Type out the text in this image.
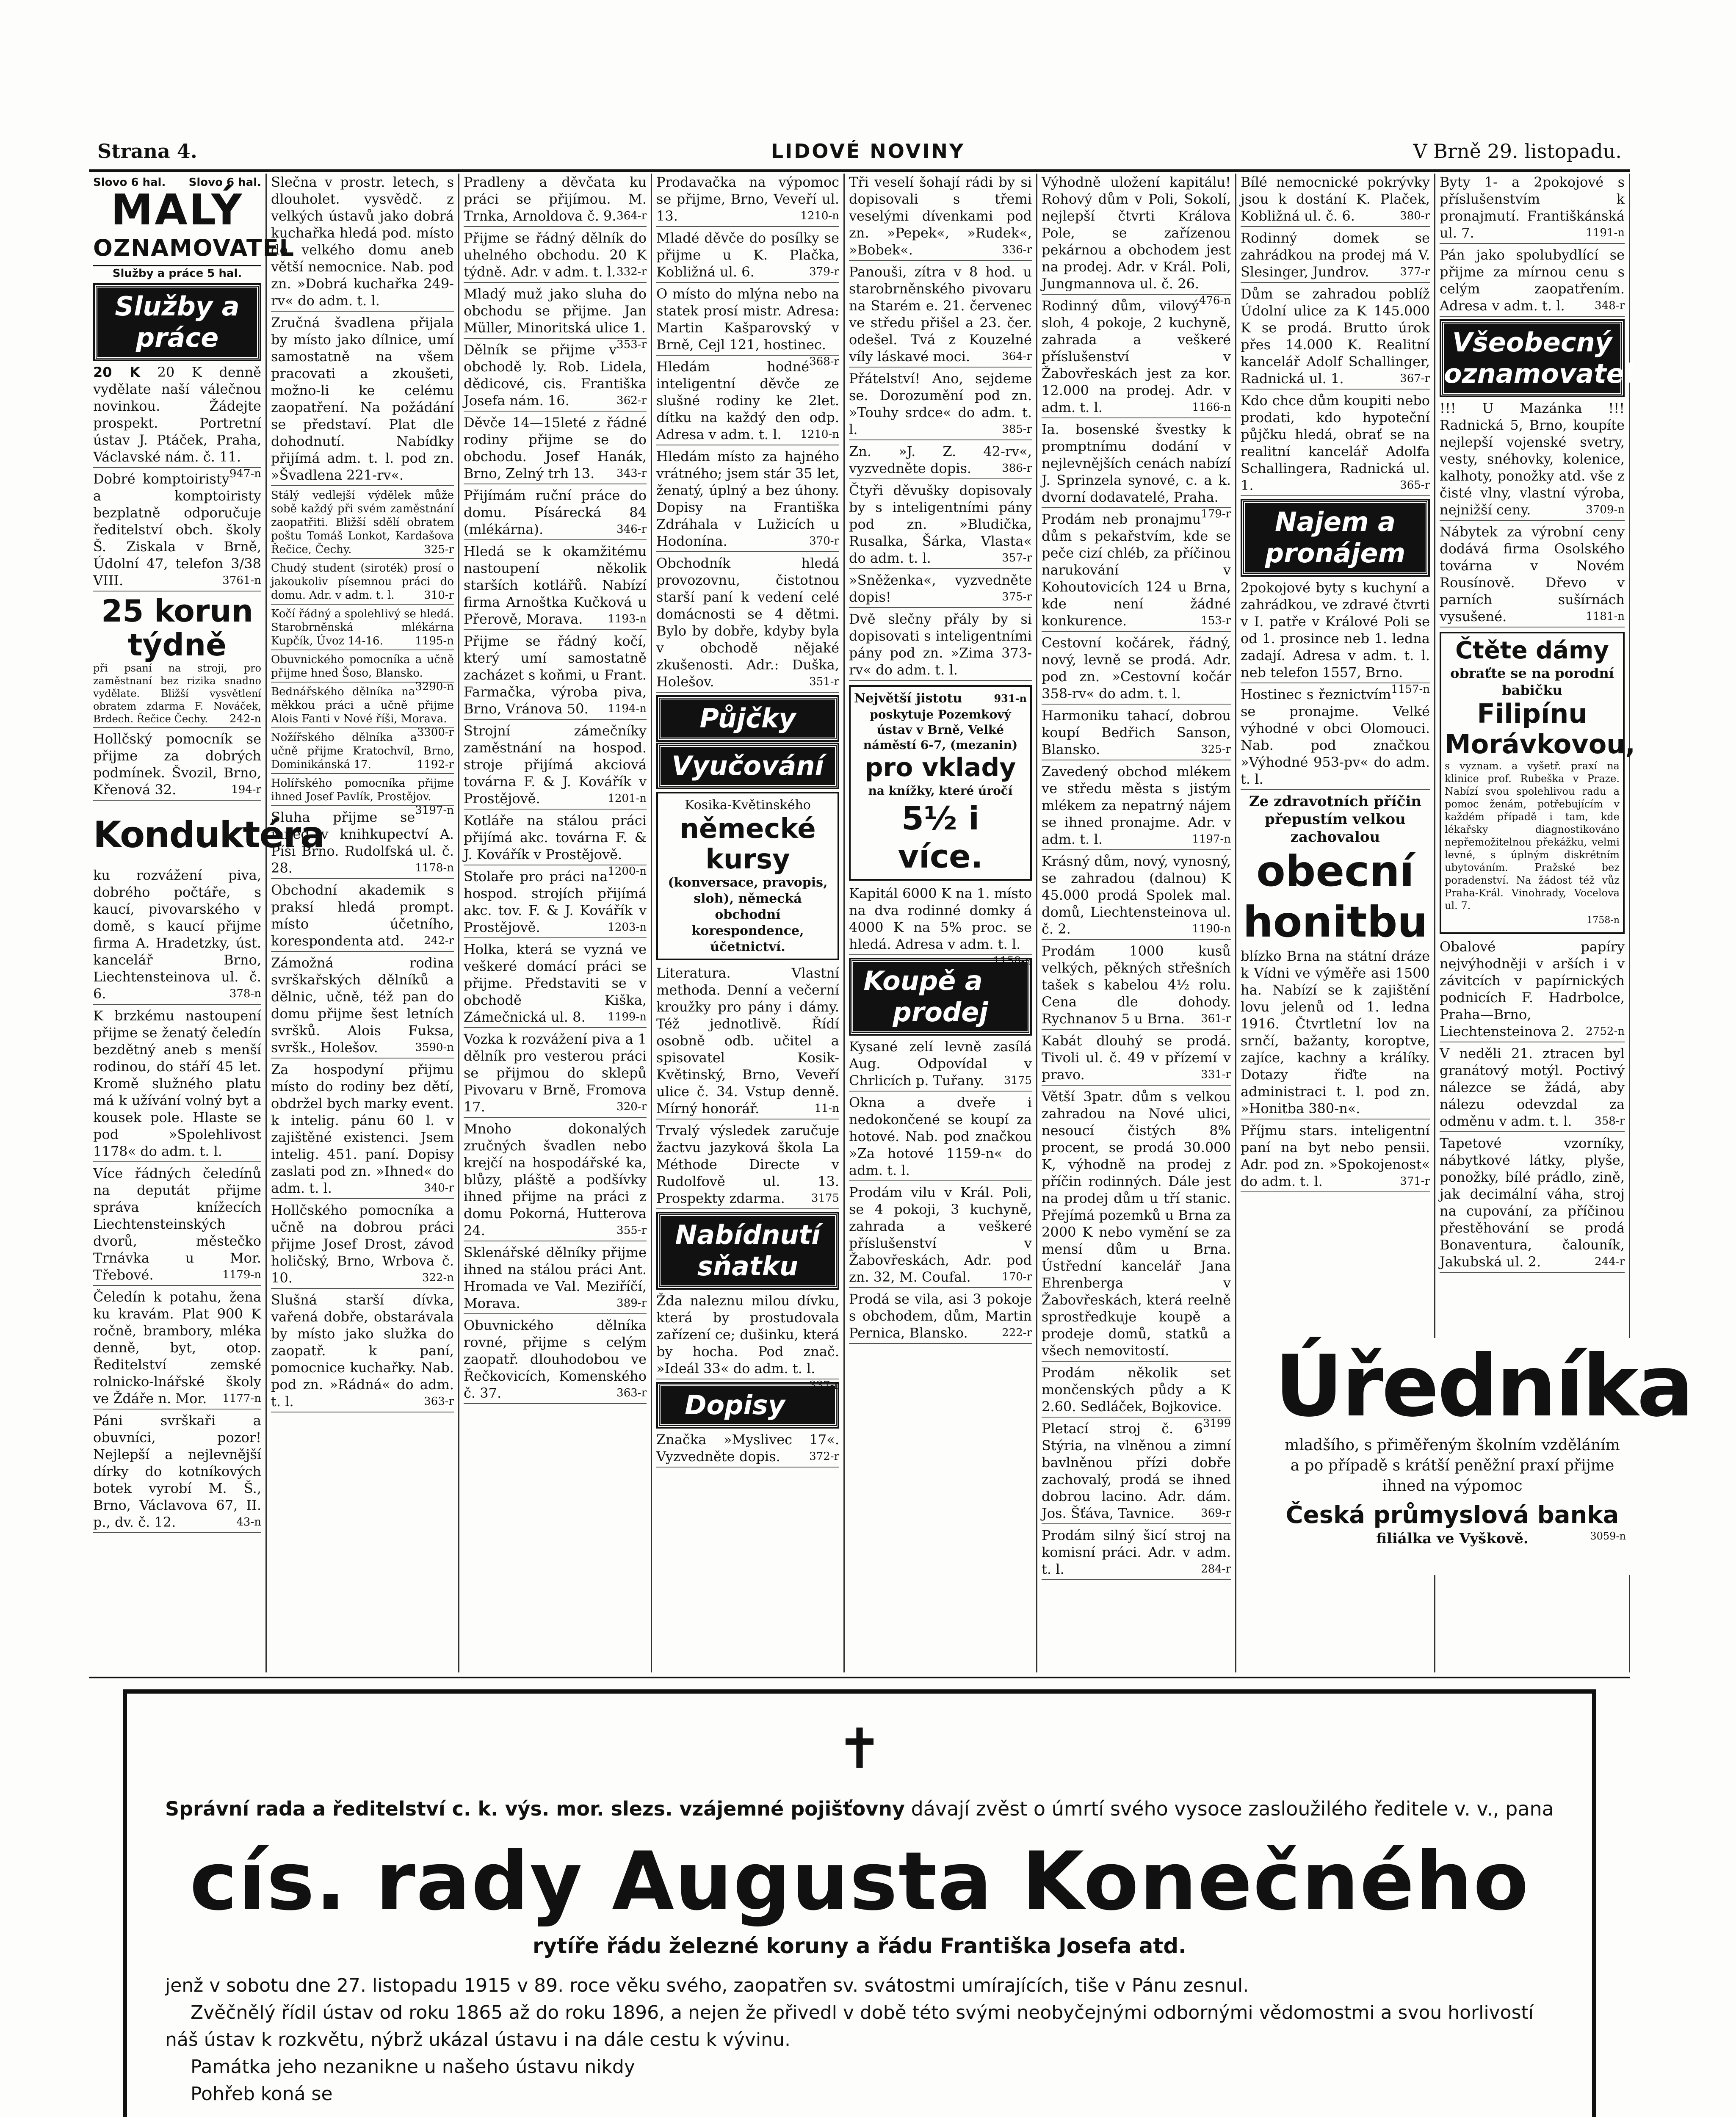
Strana 4.	LIDOVÉ NOVINY	V Brně 29. listopadu.
Slovo 6 hal. Slovo 6 hal.
MALÝ
OZNAMOVATEL
Služby a práce 5 hal.
Služby a práce
20 K 20 K denně vydělate naší válečnou novinkou. Žádejte prospekt. Portretní ústav J. Ptáček, Praha, Václavské nám. č. 11.
947-n
Dobré komptoiristy a komptoiristy bezplatně odporučuje ředitelství obch. školy Š. Ziskala v Brně, Údolní 47, telefon 3/38 VIII.	3761-n
25 korun týdně
při psaní na stroji, pro zaměstnaní bez rizika snadno vydělate. Bližší vysvětlení obratem zdarma F. Nováček, Brdech. Řečice Čechy. 242-n
Hollčský pomocník se přijme za dobrých podmínek. Švozil, Brno, Křenová 32.	194-r
Konduktéra
ku rozvážení piva, dobrého počtáře, s kaucí, pivovarského v domě, s kaucí přijme firma A. Hradetzky, úst. kancelář Brno, Liechtensteinova ul. č. 6.	378-n
K brzkému nastoupení přijme se ženatý čeledín bezdětný aneb s menší rodinou, do stáří 45 let. Kromě služného platu má k užívání volný byt a kousek pole. Hlaste se pod »Spolehlivost 1178« do adm. t. l.
Více řádných čeledínů na deputát přijme správa knížecích Liechtensteinských dvorů, městečko Trnávka u Mor. Třebové.	1179-n
Čeledín k potahu, žena ku kravám. Plat 900 K ročně, brambory, mléka denně, byt, otop. Ředitelství zemské rolnicko-lnářské školy ve Ždáře n. Mor. 1177-n
Páni svrškaři a obuvníci, pozor! Nejlepší a nejlevnější dírky do kotníkových botek vyrobí M. Š., Brno, Václavova 67, II. p., dv. č. 12.	43-n
Slečna v prostr. letech, s dlouholet. vysvědč. z velkých ústavů jako dobrá kuchařka hledá pod. místo do velkého domu aneb větší nemocnice. Nab. pod zn. »Dobrá kuchařka 249-rv« do adm. t. l.
Zručná švadlena přijala by místo jako dílnice, umí samostatně na všem pracovati a zkoušeti, možno-li ke celému zaopatření. Na požádání se představí. Plat dle dohodnutí. Nabídky přijímá adm. t. l. pod zn. »Švadlena 221-rv«.
Stálý vedlejší výdělek může sobě každý při svém zaměstnání zaopatřiti. Bližší sdělí obratem poštu Tomáš Lonkot, Kardašova Řečice, Čechy.	325-r
Chudý student (siroték) prosí o jakoukoliv písemnou práci do domu. Adr. v adm. t. l.	310-r
Kočí řádný a spolehlivý se hledá. Starobrněnská mlékárna Kupčík, Úvoz 14-16.	1195-n
Obuvnického pomocníka a učně přijme hned Šoso, Blansko.
3290-n
Bednářského dělníka na měkkou práci a učně přijme Alois Fanti v Nové říši, Morava.
3300-r
Nožířského dělníka a učně přijme Kratochvíl, Brno, Dominikánská 17.	1192-r
Holířského pomocníka přijme ihned Josef Pavlík, Prostějov.
3197-n
Sluha přijme se ihned v knihkupectví A. Píši Brno. Rudolfská ul. č. 28.	1178-n
Obchodní akademik s praksí hledá prompt. místo účetního, korespondenta atd. 242-r
Zámožná rodina svrškařských dělníků a dělnic, učně, též pan do domu přijme šest letních svršků. Alois Fuksa, svršk., Holešov.	3590-n
Za hospodyní přijmu místo do rodiny bez dětí, obdržel bych marky event. k intelig. pánu 60 l. v zajištěné existenci. Jsem intelig. 451. paní. Dopisy zaslati pod zn. »Ihned« do adm. t. l.	340-r
Hollčského pomocníka a učně na dobrou práci přijme Josef Drost, závod holičský, Brno, Wrbova č. 10.	322-n
Slušná starší dívka, vařená dobře, obstarávala by místo jako služka do zaopatř. k paní, pomocnice kuchařky. Nab. pod zn. »Rádná« do adm. t. l.	363-r
Pradleny a děvčata ku práci se přijímou. M. Trnka, Arnoldova č. 9. 364-r
Přijme se řádný dělník do uhelného obchodu. 20 K týdně. Adr. v adm. t. l. 332-r
Mladý muž jako sluha do obchodu se přijme. Jan Müller, Minoritská ulice 1.
353-r
Dělník se přijme v obchodě ly. Rob. Lidela, dědicové, cis. Františka Josefa nám. 16.	362-r
Děvče 14—15leté z řádné rodiny přijme se do obchodu. Josef Hanák, Brno, Zelný trh 13. 343-r
Přijímám ruční práce do domu. Písárecká 84 (mlékárna).	346-r
Hledá se k okamžitému nastoupení několik starších kotlářů. Nabízí firma Arnoštka Kučková u Přerově, Morava. 1193-n
Přijme se řádný kočí, který umí samostatně zacházet s koňmi, u Frant. Farmačka, výroba piva, Brno, Vránova 50. 1194-n
Strojní zámečníky zaměstnání na hospod. stroje přijímá akciová továrna F. & J. Kovářík v Prostějově.	1201-n
Kotláře na stálou práci přijímá akc. továrna F. & J. Kovářík v Prostějově.
1200-n
Stolaře pro práci na hospod. strojích přijímá akc. tov. F. & J. Kovářík v Prostějově.	1203-n
Holka, která se vyzná ve veškeré domácí práci se přijme. Představiti se v obchodě Kiška, Zámečnická ul. 8. 1199-n
Vozka k rozvážení piva a 1 dělník pro vesterou práci se přijmou do sklepů Pivovaru v Brně, Fromova 17.	320-r
Mnoho dokonalých zručných švadlen nebo krejčí na hospodářské ka, blůzy, pláště a podšívky ihned přijme na práci z domu Pokorná, Hutterova 24.	355-r
Sklenářské dělníky přijme ihned na stálou práci Ant. Hromada ve Val. Meziříčí, Morava.	389-r
Obuvnického dělníka rovné, přijme s celým zaopatř. dlouhodobou ve Řečkovicích, Komenského č. 37.	363-r
Prodavačka na výpomoc se přijme, Brno, Veveří ul. 13.	1210-n
Mladé děvče do posílky se přijme u K. Plačka, Kobližná ul. 6.	379-r
O místo do mlýna nebo na statek prosí mistr. Adresa: Martin Kašparovský v Brně, Cejl 121, hostinec.
368-r
Hledám hodné inteligentní děvče ze slušné rodiny ke 2let. dítku na každý den odp. Adresa v adm. t. l. 1210-n
Hledám místo za hajného vrátného; jsem stár 35 let, ženatý, úplný a bez úhony. Dopisy na Františka Zdráhala v Lužicích u Hodonína.	370-r
Obchodník hledá provozovnu, čistotnou starší paní k vedení celé domácnosti se 4 dětmi. Bylo by dobře, kdyby byla v obchodě nějaké zkušenosti. Adr.: Duška, Holešov.	351-r
Půjčky
Vyučování
Kosika-Květinského
německé kursy
(konversace, pravopis, sloh), německá obchodní korespondence, účetnictví.
Literatura. Vlastní methoda. Denní a večerní kroužky pro pány i dámy. Též jednotlivě. Řídí osobně odb. učitel a spisovatel Kosik-Květinský, Brno, Veveří ulice č. 34. Vstup denně. Mírný honorář.	11-n
Trvalý výsledek zaručuje žactvu jazyková škola La Méthode Directe v Rudolfově ul. 13. Prospekty zdarma. 3175
Nabídnutí sňatku
Žda naleznu milou dívku, která by prostudovala zařízení ce; dušinku, která by hocha. Pod znač. »Ideál 33« do adm. t. l.
337-r
Dopisy
Značka »Myslivec 17«. Vyzvedněte dopis.	372-r
Tři veselí šohají rádi by si dopisovali s třemi veselými dívenkami pod zn. »Pepek«, »Rudek«, »Bobek«.	336-r
Panouši, zítra v 8 hod. u starobrněnského pivovaru na Starém e. 21. červenec ve středu přišel a 23. čer. odešel. Tvá z Kouzelné víly láskavé moci.	364-r
Přátelství! Ano, sejdeme se. Dorozumění pod zn. »Touhy srdce« do adm. t. l.	385-r
Zn. »J. Z. 42-rv«, vyzvedněte dopis.	386-r
Čtyři děvušky dopisovaly by s inteligentními pány pod zn. »Bludička, Rusalka, Šárka, Vlasta« do adm. t. l.	357-r
»Sněženka«, vyzvedněte dopis!	375-r
Dvě slečny přály by si dopisovati s inteligentními pány pod zn. »Zima 373-rv« do adm. t. l.
Největší jistotu	931-n
poskytuje Pozemkový ústav v Brně, Velké náměstí 6-7, (mezanin)
pro vklady
na knížky, které úročí
5½ i více.
Kapitál 6000 K na 1. místo na dva rodinné domky á 4000 K na 5% proc. se hledá. Adresa v adm. t. l.
1158-n
Koupě a prodej
Kysané zelí levně zasílá Aug. Odpovídal v Chrlicích p. Tuřany. 3175
Okna a dveře i nedokončené se koupí za hotové. Nab. pod značkou »Za hotové 1159-n« do adm. t. l.
Prodám vilu v Král. Poli, se 4 pokoji, 3 kuchyně, zahrada a veškeré příslušenství v Žabovřeskách, Adr. pod zn. 32, M. Coufal.	170-r
Prodá se vila, asi 3 pokoje s obchodem, dům, Martin Pernica, Blansko.	222-r
Výhodně uložení kapitálu! Rohový dům v Poli, Sokolí, nejlepší čtvrti Králova Pole, se zařízenou pekárnou a obchodem jest na prodej. Adr. v Král. Poli, Jungmannova ul. č. 26.
476-n
Rodinný dům, vilový sloh, 4 pokoje, 2 kuchyně, zahrada a veškeré příslušenství v Žabovřeskách jest za kor. 12.000 na prodej. Adr. v adm. t. l.	1166-n
Ia. bosenské švestky k promptnímu dodání v nejlevnějších cenách nabízí J. Sprinzela synové, c. a k. dvorní dodavatelé, Praha.
179-r
Prodám neb pronajmu dům s pekařstvím, kde se peče cizí chléb, za příčinou narukování v Kohoutovicích 124 u Brna, kde není žádné konkurence.	153-r
Cestovní kočárek, řádný, nový, levně se prodá. Adr. pod zn. »Cestovní kočár 358-rv« do adm. t. l.
Harmoniku tahací, dobrou koupí Bedřich Sanson, Blansko.	325-r
Zavedený obchod mlékem ve středu města s jistým mlékem za nepatrný nájem se ihned pronajme. Adr. v adm. t. l.	1197-n
Krásný dům, nový, vynosný, se zahradou (dalnou) K 45.000 prodá Spolek mal. domů, Liechtensteinova ul. č. 2.	1190-n
Prodám 1000 kusů velkých, pěkných střešních tašek s kabelou 4½ rolu. Cena dle dohody. Rychnanov 5 u Brna. 361-r
Kabát dlouhý se prodá. Tivoli ul. č. 49 v přízemí v pravo.	331-r
Větší 3patr. dům s velkou zahradou na Nové ulici, nesoucí čistých 8% procent, se prodá 30.000 K, výhodně na prodej z příčin rodinných. Dále jest na prodej dům u tří stanic. Přejímá pozemků u Brna za 2000 K nebo vymění se za mensí dům u Brna. Ústřední kancelář Jana Ehrenberga v Žabovřeskách, která reelně sprostředkuje koupě a prodeje domů, statků a všech nemovitostí.
Prodám několik set mončenských půdy a K 2.60. Sedláček, Bojkovice.
3199
Pletací stroj č. 6 Stýria, na vlněnou a zimní bavlněnou přízi dobře zachovalý, prodá se ihned dobrou lacino. Adr. dám. Jos. Šťáva, Tavnice. 369-r
Prodám silný šicí stroj na komisní práci. Adr. v adm. t. l.	284-r
Bílé nemocnické pokrývky jsou k dostání K. Plaček, Kobližná ul. č. 6.	380-r
Rodinný domek se zahrádkou na prodej má V. Slesinger, Jundrov.	377-r
Dům se zahradou poblíž Údolní ulice za K 145.000 K se prodá. Brutto úrok přes 14.000 K. Realitní kancelář Adolf Schallinger, Radnická ul. 1.	367-r
Kdo chce dům koupiti nebo prodati, kdo hypoteční půjčku hledá, obrať se na realitní kancelář Adolfa Schallingera, Radnická ul. 1.	365-r
Najem a pronájem
2pokojové byty s kuchyní a zahrádkou, ve zdravé čtvrti v I. patře v Králové Poli se od 1. prosince neb 1. ledna zadají. Adresa v adm. t. l. neb telefon 1557, Brno.
1157-n
Hostinec s řeznictvím se pronajme. Velké výhodné v obci Olomouci. Nab. pod značkou »Výhodné 953-pv« do adm. t. l.
Ze zdravotních příčin přepustím velkou zachovalou
obecní honitbu
blízko Brna na státní dráze k Vídni ve výměře asi 1500 ha. Nabízí se k zajištění lovu jelenů od 1. ledna 1916. Čtvrtletní lov na srnčí, bažanty, koroptve, zajíce, kachny a králíky. Dotazy řiďte na administraci t. l. pod zn. »Honitba 380-n«.
Příjmu stars. inteligentní paní na byt nebo pensii. Adr. pod zn. »Spokojenost« do adm. t. l.	371-r
Byty 1- a 2pokojové s příslušenstvím k pronajmutí. Františkánská ul. 7.	1191-n
Pán jako spolubydlící se přijme za mírnou cenu s celým zaopatřením. Adresa v adm. t. l.	348-r
Všeobecný oznamovatel
!!! U Mazánka !!! Radnická 5, Brno, koupíte nejlepší vojenské svetry, vesty, snéhovky, kolenice, kalhoty, ponožky atd. vše z čisté vlny, vlastní výroba, nejnižší ceny.	3709-n
Nábytek za výrobní ceny dodává firma Osolského továrna v Novém Rousínově. Dřevo v parních sušírnách vysušené.	1181-n
Čtěte dámy
obraťte se na porodní babičku
Filipínu Morávkovou,
s vyznam. a vyšetř. praxí na klinice prof. Rubeška v Praze. Nabízí svou spolehlivou radu a pomoc ženám, potřebujícím v každém případě i tam, kde lékařsky diagnostikováno nepřemožitelnou překážku, velmi levné, s úplným diskrétním ubytováním. Pražské bez poradenství. Na žádost též vůz Praha-Král. Vinohrady, Vocelova ul. 7.
1758-n
Obalové papíry nejvýhodněji v arších i v závitcích v papírnických podnicích F. Hadrbolce, Praha—Brno, Liechtensteinova 2. 2752-n
V neděli 21. ztracen byl granátový motýl. Poctivý nálezce se žádá, aby nálezu odevzdal za odměnu v adm. t. l. 358-r
Tapetové vzorníky, nábytkové látky, plyše, ponožky, bílé prádlo, zině, jak decimální váha, stroj na cupování, za příčinou přestěhování se prodá Bonaventura, čalouník, Jakubská ul. 2.	244-r
Úředníka
mladšího, s přiměřeným školním vzděláním a po případě s krátší peněžní praxí přijme ihned na výpomoc
Česká průmyslová banka
filiálka ve Vyškově.	3059-n
✝
Správní rada a ředitelství c. k. výs. mor. slezs. vzájemné pojišťovny dávají zvěst o úmrtí svého vysoce zasloužilého ředitele v. v., pana
cís. rady Augusta Konečného
rytíře řádu železné koruny a řádu Františka Josefa atd.
jenž v sobotu dne 27. listopadu 1915 v 89. roce věku svého, zaopatřen sv. svátostmi umírajících, tiše v Pánu zesnul.
Zvěčnělý řídil ústav od roku 1865 až do roku 1896, a nejen že přivedl v době této svými neobyčejnými odbornými vědomostmi a svou horlivostí náš ústav k rozkvětu, nýbrž ukázal ústavu i na dále cestu k vývinu.
Památka jeho nezanikne u našeho ústavu nikdy
Pohřeb koná se
